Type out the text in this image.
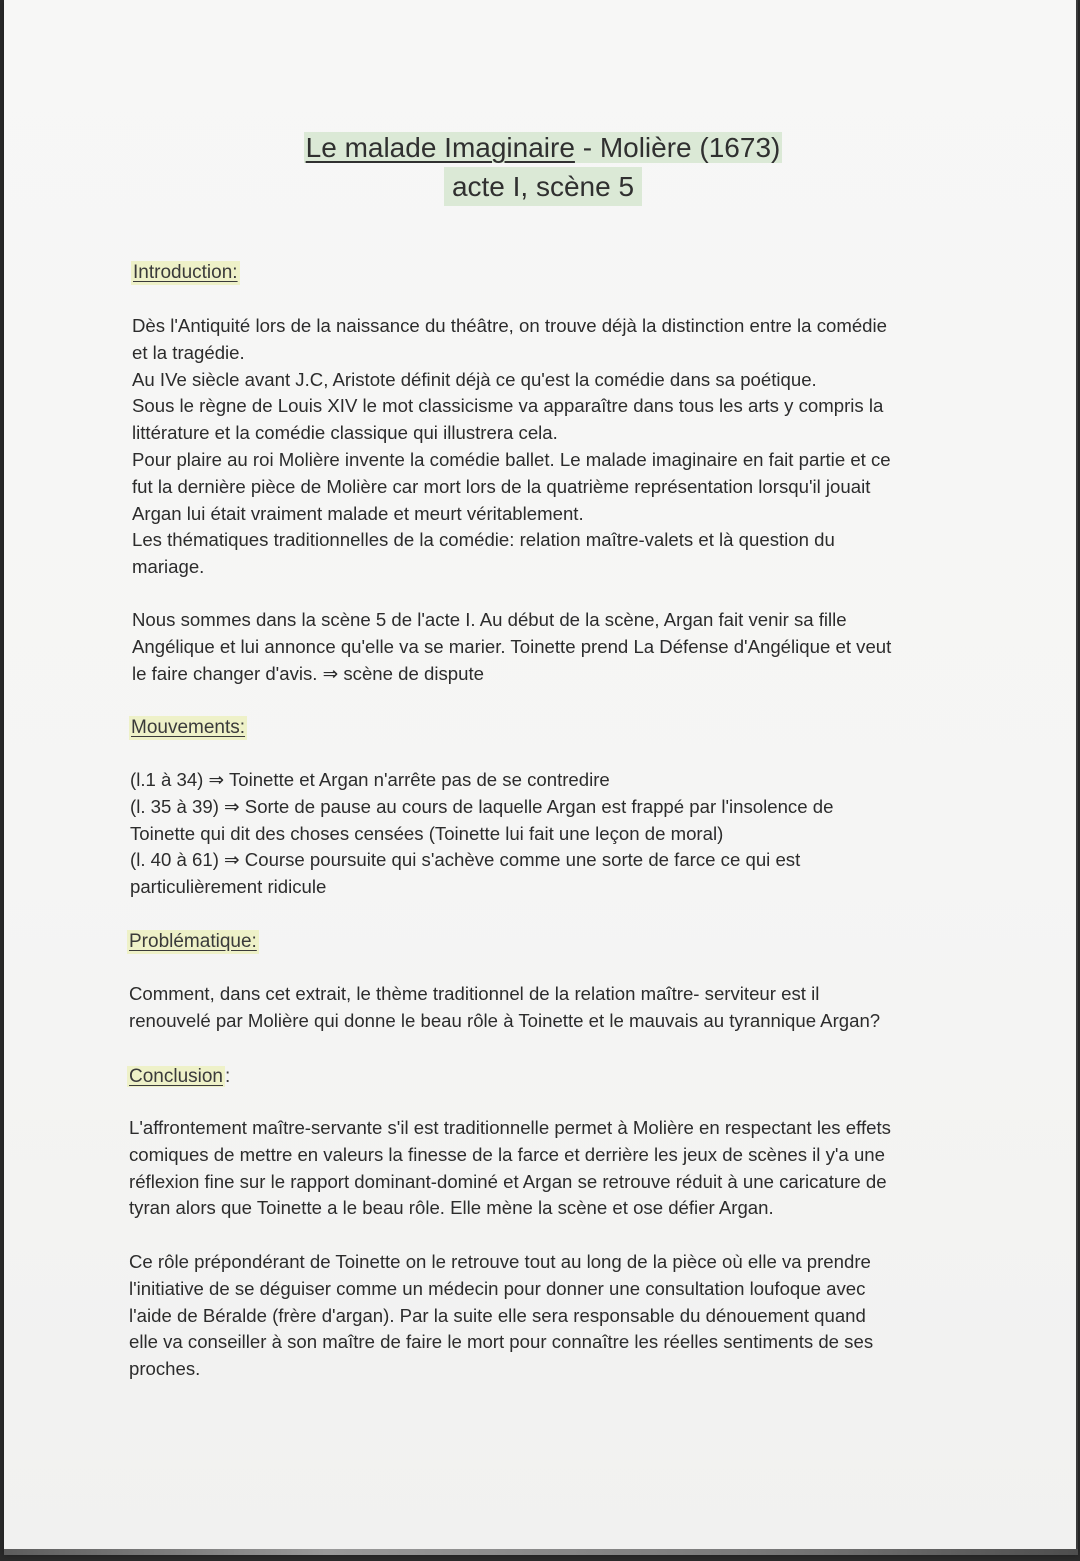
Le malade Imaginaire - Molière (1673)
acte I, scène 5
Introduction:
Dès l'Antiquité lors de la naissance du théâtre, on trouve déjà la distinction entre la comédie
et la tragédie.
Au IVe siècle avant J.C, Aristote définit déjà ce qu'est la comédie dans sa poétique.
Sous le règne de Louis XIV le mot classicisme va apparaître dans tous les arts y compris la
littérature et la comédie classique qui illustrera cela.
Pour plaire au roi Molière invente la comédie ballet. Le malade imaginaire en fait partie et ce
fut la dernière pièce de Molière car mort lors de la quatrième représentation lorsqu'il jouait
Argan lui était vraiment malade et meurt véritablement.
Les thématiques traditionnelles de la comédie: relation maître-valets et là question du
mariage.
Nous sommes dans la scène 5 de l'acte I. Au début de la scène, Argan fait venir sa fille
Angélique et lui annonce qu'elle va se marier. Toinette prend La Défense d'Angélique et veut
le faire changer d'avis. ⇒ scène de dispute
Mouvements:
(l.1 à 34) ⇒ Toinette et Argan n'arrête pas de se contredire
(l. 35 à 39) ⇒ Sorte de pause au cours de laquelle Argan est frappé par l'insolence de
Toinette qui dit des choses censées (Toinette lui fait une leçon de moral)
(l. 40 à 61) ⇒ Course poursuite qui s'achève comme une sorte de farce ce qui est
particulièrement ridicule
Problématique:
Comment, dans cet extrait, le thème traditionnel de la relation maître- serviteur est il
renouvelé par Molière qui donne le beau rôle à Toinette et le mauvais au tyrannique Argan?
Conclusion :
L'affrontement maître-servante s'il est traditionnelle permet à Molière en respectant les effets
comiques de mettre en valeurs la finesse de la farce et derrière les jeux de scènes il y'a une
réflexion fine sur le rapport dominant-dominé et Argan se retrouve réduit à une caricature de
tyran alors que Toinette a le beau rôle. Elle mène la scène et ose défier Argan.
Ce rôle prépondérant de Toinette on le retrouve tout au long de la pièce où elle va prendre
l'initiative de se déguiser comme un médecin pour donner une consultation loufoque avec
l'aide de Béralde (frère d'argan). Par la suite elle sera responsable du dénouement quand
elle va conseiller à son maître de faire le mort pour connaître les réelles sentiments de ses
proches.
